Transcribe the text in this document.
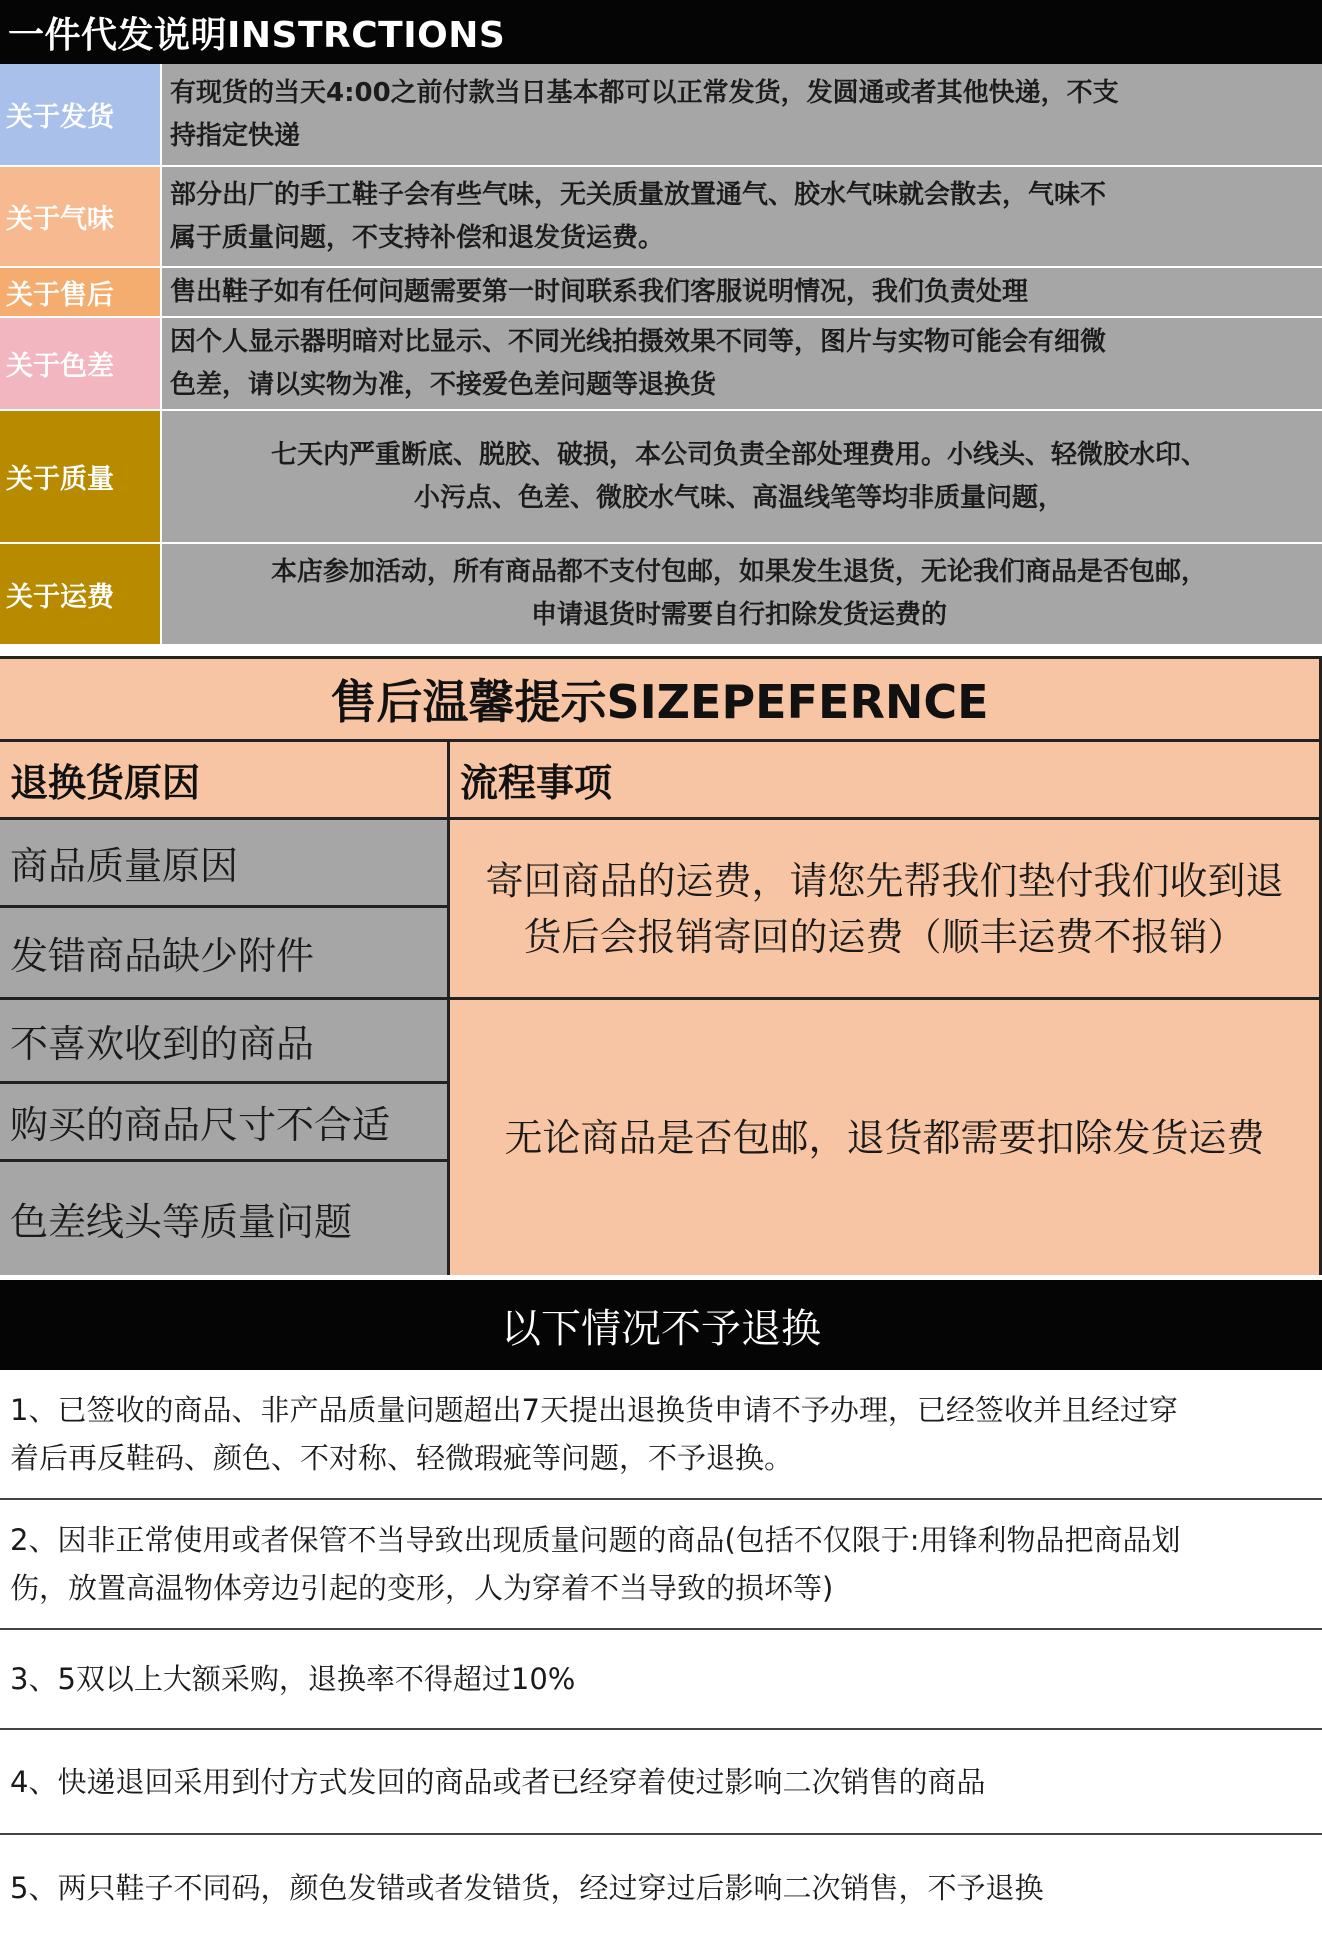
一件代发说明INSTRCTIONS
关于发货
有现货的当天4:00之前付款当日基本都可以正常发货，发圆通或者其他快递，不支
持指定快递
关于气味
部分出厂的手工鞋子会有些气味，无关质量放置通气、胶水气味就会散去，气味不
属于质量问题，不支持补偿和退发货运费。
关于售后	售出鞋子如有任何问题需要第一时间联系我们客服说明情况，我们负责处理
关于色差
因个人显示器明暗对比显示、不同光线拍摄效果不同等，图片与实物可能会有细微
色差，请以实物为准，不接爱色差问题等退换货
关于质量
七天内严重断底、脱胶、破损，本公司负责全部处理费用。小线头、轻微胶水印、
小污点、色差、微胶水气味、高温线笔等均非质量问题，
关于运费
本店参加活动，所有商品都不支付包邮，如果发生退货，无论我们商品是否包邮，
申请退货时需要自行扣除发货运费的
售后温馨提示SIZEPEFERNCE
退换货原因	流程事项
商品质量原因
发错商品缺少附件
寄回商品的运费，请您先帮我们垫付我们收到退
货后会报销寄回的运费（顺丰运费不报销）
不喜欢收到的商品
购买的商品尺寸不合适
色差线头等质量问题
无论商品是否包邮，退货都需要扣除发货运费
以下情况不予退换
1、已签收的商品、非产品质量问题超出7天提出退换货申请不予办理，已经签收并且经过穿
着后再反鞋码、颜色、不对称、轻微瑕疵等问题，不予退换。
2、因非正常使用或者保管不当导致出现质量问题的商品(包括不仅限于:用锋利物品把商品划
伤，放置高温物体旁边引起的变形，人为穿着不当导致的损坏等)
3、5双以上大额采购，退换率不得超过10%
4、快递退回采用到付方式发回的商品或者已经穿着使过影响二次销售的商品
5、两只鞋子不同码，颜色发错或者发错货，经过穿过后影响二次销售，不予退换
